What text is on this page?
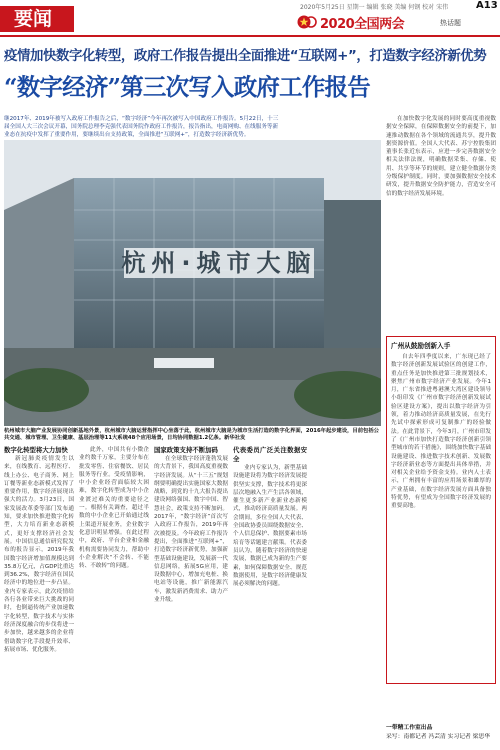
要闻
2020年5月25日 星期一 编辑 张晓 美编 何钢 校对 宋伟	A13
2020全国两会	热话题
疫情加快数字化转型，政府工作报告提出全面推进“互联网+”，打造数字经济新优势
“数字经济”第三次写入政府工作报告
继2017年、2019年被写入政府工作报告之后，“数字经济”今年再次被写入中国政府工作报告。5月22日，十三届全国人大三次会议开幕，国务院总理李克强代表国务院作政府工作报告，报告指出，电商网购、在线服务等新业态在抗疫中发挥了重要作用，要继续出台支持政策，全面推进“互联网+”，打造数字经济新优势。
杭州·城市大脑
杭州城市大脑产业发展协同创新基地外景，杭州城市大脑运营指挥中心坐落于此，杭州城市大脑是为城市生活打造的数字化界面，2016年起步建设，目前包括公共交通、城市管理、卫生健康、基层治理等11大系统48个应用场景，日均协同数据1.2亿条。新华社发

数字化转型将大力加快

新冠肺炎疫情发生以来，在线教育、远程医疗、线上办公、电子商务、网上订餐等新业态新模式发挥了重要作用，数字经济展现出强大的活力。3月23日，国家发展改革委等部门发布通知，要求加快推进数字化转型，大力培育新业态新模式，更好支撑经济社会发展。中国信息通信研究院发布的报告显示，2019年我国数字经济增加值规模达到35.8万亿元，占GDP比重达到36.2%，数字经济在国民经济中的地位进一步凸显。业内专家表示，此次疫情给各行各业带来巨大挑战的同时，也倒逼传统产业加速数字化转型，数字技术与实体经济深度融合的步伐将进一步加快，越来越多的企业将借助数字化手段提升效率、拓展市场、优化服务。

此外，中国共有小微企业约数千万家，主要分布在批发零售、住宿餐饮、居民服务等行业。受疫情影响，中小企业经营面临较大困难，数字化转型成为中小企业渡过难关的重要途径之一。根据有关调查，超过半数的中小企业已开始通过线上渠道开展业务，企业数字化意识明显增强。在此过程中，政府、平台企业和金融机构需要协同发力，帮助中小企业解决“不会转、不能转、不敢转”的问题。

国家政策支持不断加码

在全球数字经济蓬勃发展的大背景下，我国高度重视数字经济发展。从“十三五”规划纲要明确提出实施国家大数据战略，到党的十九大报告提出建设网络强国、数字中国、智慧社会，政策支持不断加码。2017年，“数字经济”首次写入政府工作报告，2019年再次被提及。今年政府工作报告提出，全面推进“互联网+”，打造数字经济新优势，加强新型基础设施建设，发展新一代信息网络，拓展5G应用，建设数据中心，增加充电桩、换电站等设施，推广新能源汽车，激发新消费需求、助力产业升级。

代表委员广泛关注数据安全

业内专家认为，新型基础设施建设将为数字经济发展提供坚实支撑，数字技术将更深层次地融入生产生活各领域，催生更多新产业新业态新模式，推动经济高质量发展。两会期间，多位全国人大代表、全国政协委员围绕数据安全、个人信息保护、数据要素市场培育等话题建言献策。代表委员认为，随着数字经济的快速发展，数据已成为新的生产要素，如何保障数据安全、规范数据使用，是数字经济健康发展必须解决的问题。

在加快数字化发展的同时要高度重视数据安全保障，在保障数据安全的前提下，加速推动数据在各个领域的流通共享，提升数据资源价值。全国人大代表、苏宁控股集团董事长张近东表示，应进一步完善数据安全相关法律法规，明确数据采集、存储、使用、共享等环节的规则，建立健全数据分类分级保护制度。同时，要加强数据安全技术研发，提升数据安全防护能力，营造安全可信的数字经济发展环境。

广州从鼓励创新入手

自去年四季度以来，广东现已经了数字经济创新发展试验区的创建工作，重点任务是加快推进第三批规划技术，聚焦广州市数字经济产业发展。今年1月，广东省推进粤港澳大湾区建设领导小组印发《广州市数字经济创新发展试验区建设方案》，提出以数字经济为引领，着力推动经济高质量发展，在先行先试中探索形成可复制推广的经验做法。在此背景下，今年3月，广州市印发了《广州市加快打造数字经济创新引领型城市的若干措施》，围绕加快数字基础设施建设、推进数字技术创新、发展数字经济新业态等方面提出具体举措，并对相关企业给予资金支持。业内人士表示，广州拥有丰富的应用场景和雄厚的产业基础，在数字经济发展方面具备独特优势，有望成为全国数字经济发展的重要高地。

一带精工作室出品
采写：南都记者 冯芸清 实习记者 梁思华
